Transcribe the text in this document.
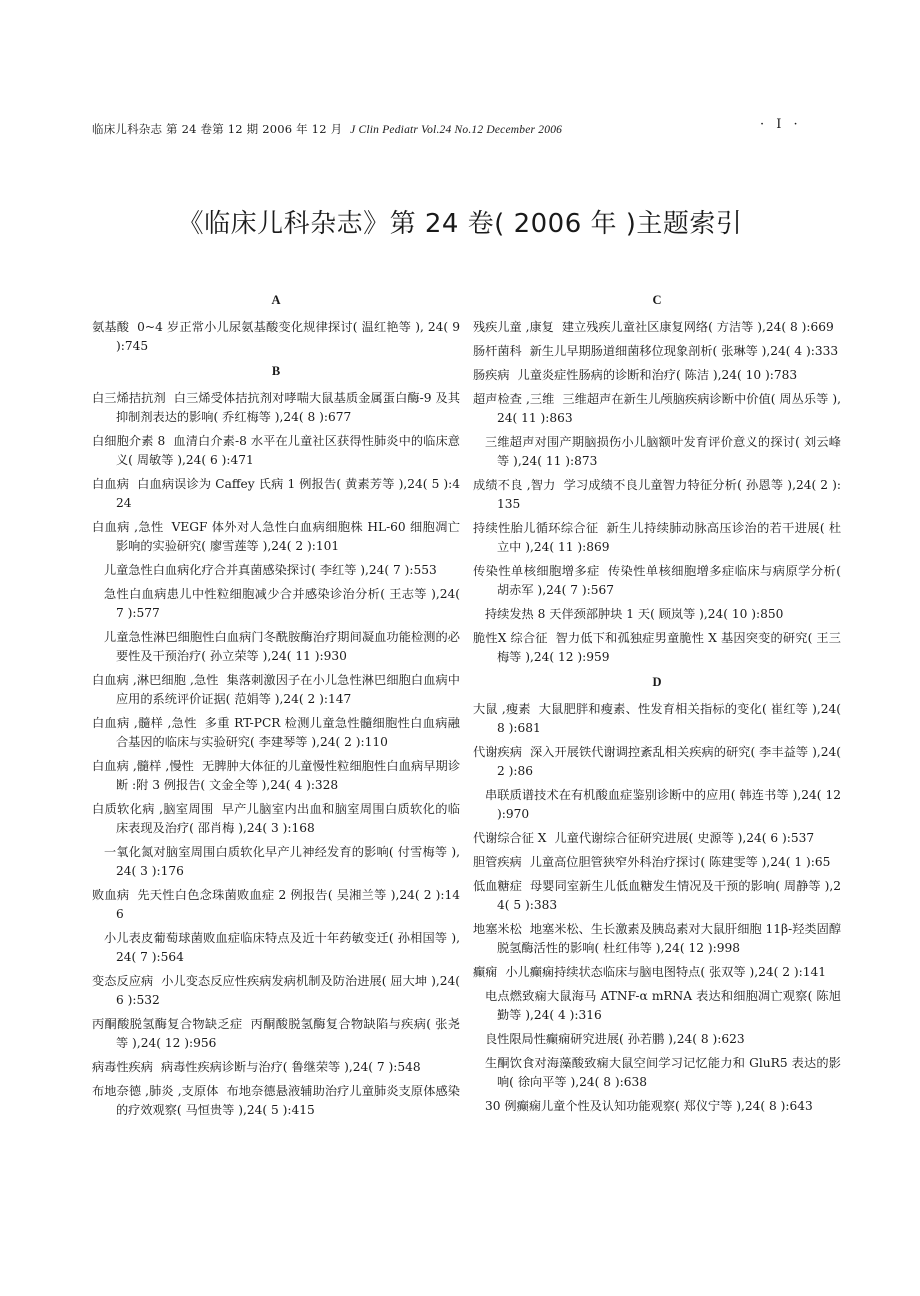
临床儿科杂志 第 24 卷第 12 期 2006 年 12 月 J Clin Pediatr Vol.24 No.12 December 2006	· I ·
《临床儿科杂志》第 24 卷( 2006 年 )主题索引
A
氨基酸 0~4 岁正常小儿尿氨基酸变化规律探讨( 温红艳等 ), 24( 9 ):745
B
白三烯拮抗剂 白三烯受体拮抗剂对哮喘大鼠基质金属蛋白酶-9 及其抑制剂表达的影响( 乔红梅等 ),24( 8 ):677
白细胞介素 8 血清白介素-8 水平在儿童社区获得性肺炎中的临床意义( 周敏等 ),24( 6 ):471
白血病 白血病误诊为 Caffey 氏病 1 例报告( 黄素芳等 ),24( 5 ):424
白血病 ,急性 VEGF 体外对人急性白血病细胞株 HL-60 细胞凋亡影响的实验研究( 廖雪莲等 ),24( 2 ):101
儿童急性白血病化疗合并真菌感染探讨( 李红等 ),24( 7 ):553
急性白血病患儿中性粒细胞减少合并感染诊治分析( 王志等 ),24( 7 ):577
儿童急性淋巴细胞性白血病门冬酰胺酶治疗期间凝血功能检测的必要性及干预治疗( 孙立荣等 ),24( 11 ):930
白血病 ,淋巴细胞 ,急性 集落刺激因子在小儿急性淋巴细胞白血病中应用的系统评价证据( 范娟等 ),24( 2 ):147
白血病 ,髓样 ,急性 多重 RT-PCR 检测儿童急性髓细胞性白血病融合基因的临床与实验研究( 李建琴等 ),24( 2 ):110
白血病 ,髓样 ,慢性 无脾肿大体征的儿童慢性粒细胞性白血病早期诊断 :附 3 例报告( 文金全等 ),24( 4 ):328
白质软化病 ,脑室周围 早产儿脑室内出血和脑室周围白质软化的临床表现及治疗( 邵肖梅 ),24( 3 ):168
一氧化氮对脑室周围白质软化早产儿神经发育的影响( 付雪梅等 ),24( 3 ):176
败血病 先天性白色念珠菌败血症 2 例报告( 吴湘兰等 ),24( 2 ):146
小儿表皮葡萄球菌败血症临床特点及近十年药敏变迁( 孙相国等 ),24( 7 ):564
变态反应病 小儿变态反应性疾病发病机制及防治进展( 屈大坤 ),24( 6 ):532
丙酮酸脱氢酶复合物缺乏症 丙酮酸脱氢酶复合物缺陷与疾病( 张尧等 ),24( 12 ):956
病毒性疾病 病毒性疾病诊断与治疗( 鲁继荣等 ),24( 7 ):548
布地奈德 ,肺炎 ,支原体 布地奈德悬液辅助治疗儿童肺炎支原体感染的疗效观察( 马恒贵等 ),24( 5 ):415
C
残疾儿童 ,康复 建立残疾儿童社区康复网络( 方洁等 ),24( 8 ):669
肠杆菌科 新生儿早期肠道细菌移位现象剖析( 张琳等 ),24( 4 ):333
肠疾病 儿童炎症性肠病的诊断和治疗( 陈洁 ),24( 10 ):783
超声检查 ,三维 三维超声在新生儿颅脑疾病诊断中价值( 周丛乐等 ),24( 11 ):863
三维超声对围产期脑损伤小儿脑额叶发育评价意义的探讨( 刘云峰等 ),24( 11 ):873
成绩不良 ,智力 学习成绩不良儿童智力特征分析( 孙恩等 ),24( 2 ):135
持续性胎儿循环综合征 新生儿持续肺动脉高压诊治的若干进展( 杜立中 ),24( 11 ):869
传染性单核细胞增多症 传染性单核细胞增多症临床与病原学分析( 胡赤军 ),24( 7 ):567
持续发热 8 天伴颈部肿块 1 天( 顾岚等 ),24( 10 ):850
脆性X 综合征 智力低下和孤独症男童脆性 X 基因突变的研究( 王三梅等 ),24( 12 ):959
D
大鼠 ,瘦素 大鼠肥胖和瘦素、性发育相关指标的变化( 崔红等 ),24( 8 ):681
代谢疾病 深入开展铁代谢调控紊乱相关疾病的研究( 李丰益等 ),24( 2 ):86
串联质谱技术在有机酸血症鉴别诊断中的应用( 韩连书等 ),24( 12 ):970
代谢综合征 X 儿童代谢综合征研究进展( 史源等 ),24( 6 ):537
胆管疾病 儿童高位胆管狭窄外科治疗探讨( 陈建雯等 ),24( 1 ):65
低血糖症 母婴同室新生儿低血糖发生情况及干预的影响( 周静等 ),24( 5 ):383
地塞米松 地塞米松、生长激素及胰岛素对大鼠肝细胞 11β-羟类固醇脱氢酶活性的影响( 杜红伟等 ),24( 12 ):998
癫痫 小儿癫痫持续状态临床与脑电图特点( 张双等 ),24( 2 ):141
电点燃致痫大鼠海马 ATNF-α mRNA 表达和细胞凋亡观察( 陈旭勤等 ),24( 4 ):316
良性限局性癫痫研究进展( 孙若鹏 ),24( 8 ):623
生酮饮食对海藻酸致痫大鼠空间学习记忆能力和 GluR5 表达的影响( 徐向平等 ),24( 8 ):638
30 例癫痫儿童个性及认知功能观察( 郑仪宁等 ),24( 8 ):643
